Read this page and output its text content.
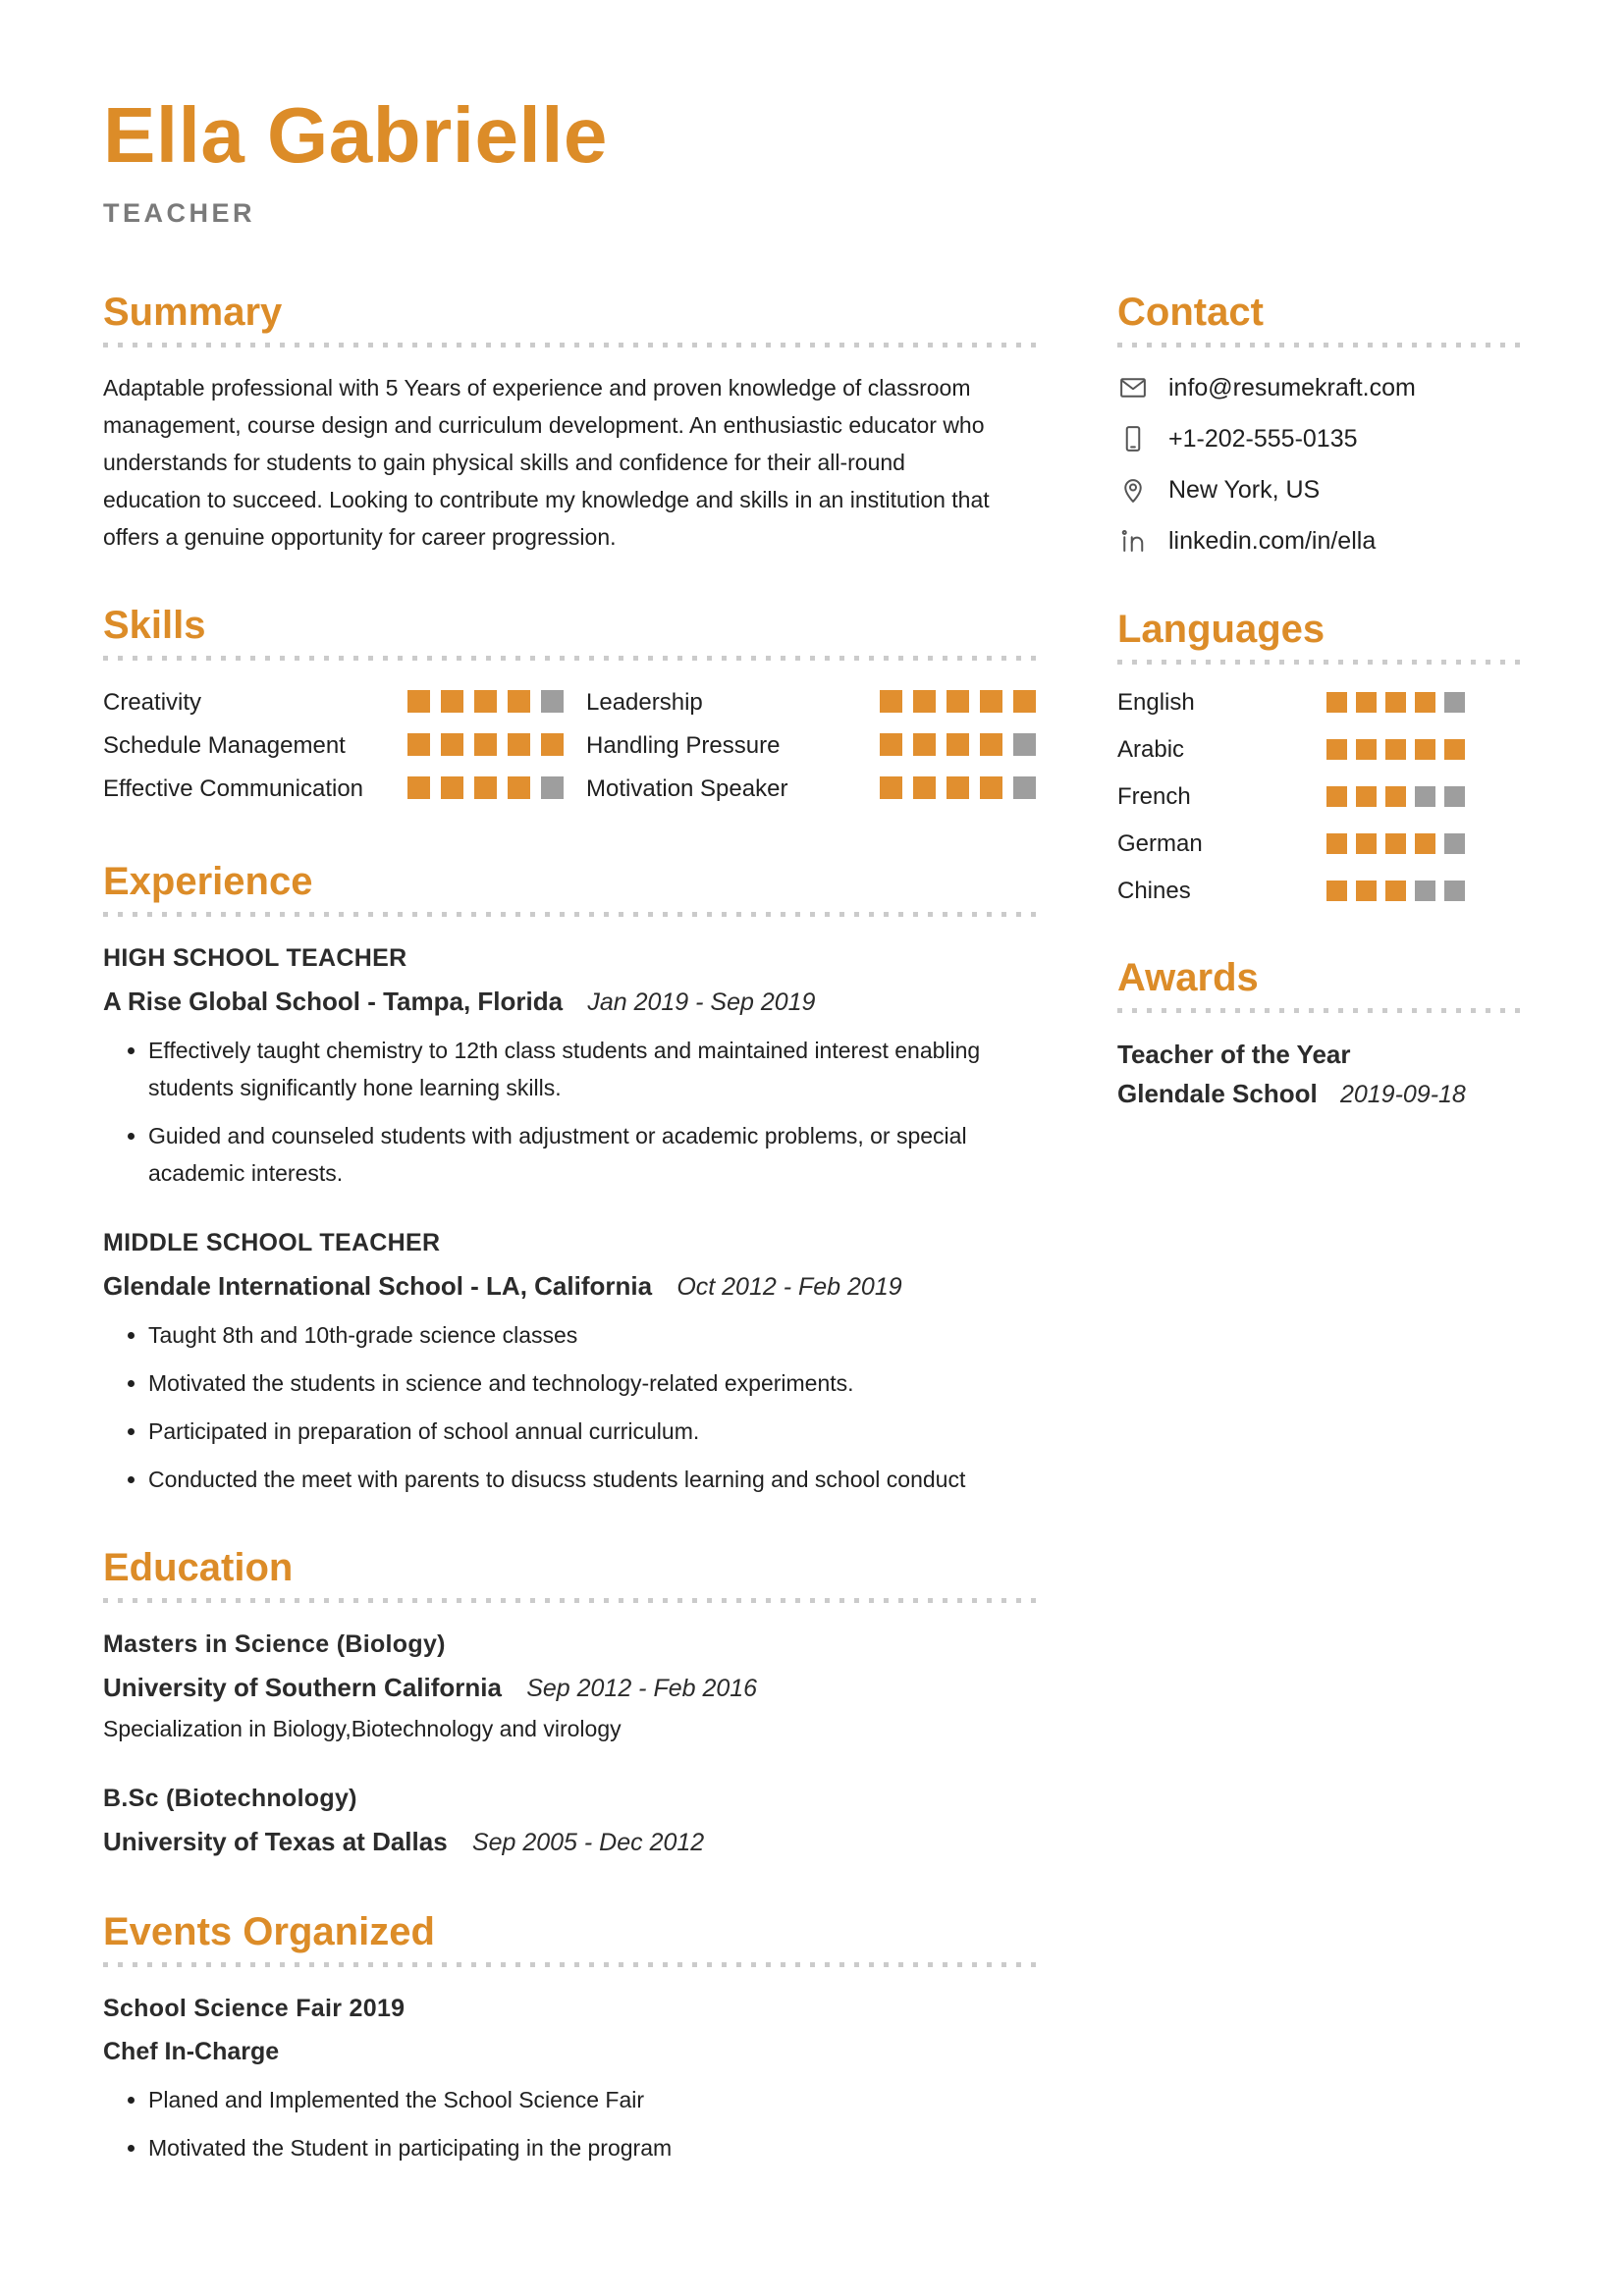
Ella Gabrielle
TEACHER
Summary

Adaptable professional with 5 Years of experience and proven knowledge of classroom management, course design and curriculum development. An enthusiastic educator who understands for students to gain physical skills and confidence for their all-round education to succeed. Looking to contribute my knowledge and skills in an institution that offers a genuine opportunity for career progression.

Skills
Creativity
Schedule Management
Effective Communication
Leadership
Handling Pressure
Motivation Speaker
Experience
HIGH SCHOOL TEACHER
A Rise Global School - Tampa, Florida Jan 2019 - Sep 2019
• Effectively taught chemistry to 12th class students and maintained interest enabling students significantly hone learning skills.
• Guided and counseled students with adjustment or academic problems, or special academic interests.
MIDDLE SCHOOL TEACHER
Glendale International School - LA, California Oct 2012 - Feb 2019
• Taught 8th and 10th-grade science classes
• Motivated the students in science and technology-related experiments.
• Participated in preparation of school annual curriculum.
• Conducted the meet with parents to disucss students learning and school conduct
Education
Masters in Science (Biology)
University of Southern California Sep 2012 - Feb 2016
Specialization in Biology,Biotechnology and virology
B.Sc (Biotechnology)
University of Texas at Dallas Sep 2005 - Dec 2012
Events Organized
School Science Fair 2019
Chef In-Charge
• Planed and Implemented the School Science Fair
• Motivated the Student in participating in the program
Contact
info@resumekraft.com
+1-202-555-0135
New York, US
linkedin.com/in/ella
Languages
English
Arabic
French
German
Chines
Awards
Teacher of the Year
Glendale School 2019-09-18
